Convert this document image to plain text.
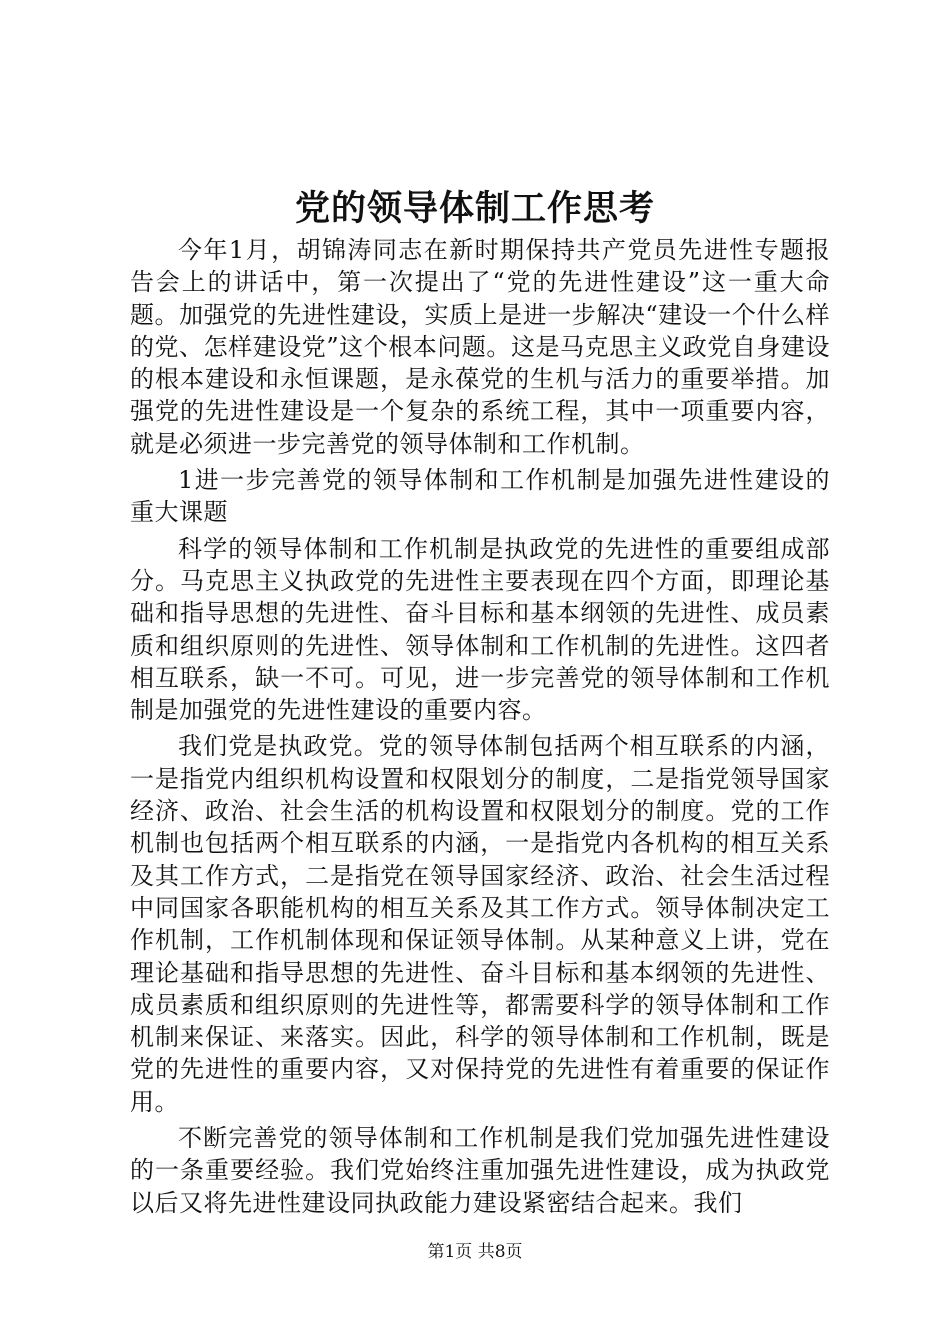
党的领导体制工作思考

今年1月，胡锦涛同志在新时期保持共产党员先进性专题报告会上的讲话中，第一次提出了“党的先进性建设”这一重大命题。加强党的先进性建设，实质上是进一步解决“建设一个什么样的党、怎样建设党”这个根本问题。这是马克思主义政党自身建设的根本建设和永恒课题，是永葆党的生机与活力的重要举措。加强党的先进性建设是一个复杂的系统工程，其中一项重要内容，就是必须进一步完善党的领导体制和工作机制。

1进一步完善党的领导体制和工作机制是加强先进性建设的重大课题

科学的领导体制和工作机制是执政党的先进性的重要组成部分。马克思主义执政党的先进性主要表现在四个方面，即理论基础和指导思想的先进性、奋斗目标和基本纲领的先进性、成员素质和组织原则的先进性、领导体制和工作机制的先进性。这四者相互联系，缺一不可。可见，进一步完善党的领导体制和工作机制是加强党的先进性建设的重要内容。

我们党是执政党。党的领导体制包括两个相互联系的内涵，一是指党内组织机构设置和权限划分的制度，二是指党领导国家经济、政治、社会生活的机构设置和权限划分的制度。党的工作机制也包括两个相互联系的内涵，一是指党内各机构的相互关系及其工作方式，二是指党在领导国家经济、政治、社会生活过程中同国家各职能机构的相互关系及其工作方式。领导体制决定工作机制，工作机制体现和保证领导体制。从某种意义上讲，党在理论基础和指导思想的先进性、奋斗目标和基本纲领的先进性、成员素质和组织原则的先进性等，都需要科学的领导体制和工作机制来保证、来落实。因此，科学的领导体制和工作机制，既是党的先进性的重要内容，又对保持党的先进性有着重要的保证作用。

不断完善党的领导体制和工作机制是我们党加强先进性建设的一条重要经验。我们党始终注重加强先进性建设，成为执政党以后又将先进性建设同执政能力建设紧密结合起来。我们

第1页 共8页
